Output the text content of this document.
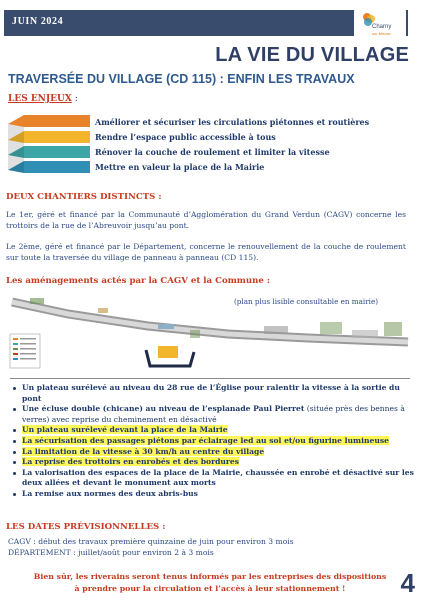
JUIN 2024	Charny
sur Meuse
LA VIE DU VILLAGE
TRAVERSÉE DU VILLAGE (CD 115) : ENFIN LES TRAVAUX
LES ENJEUX :
Améliorer et sécuriser les circulations piétonnes et routières
Rendre l’espace public accessible à tous
Rénover la couche de roulement et limiter la vitesse
Mettre en valeur la place de la Mairie
DEUX CHANTIERS DISTINCTS :
Le 1er, géré et financé par la Communauté d’Agglomération du Grand Verdun (CAGV) concerne les trottoirs de la rue de l’Abreuvoir jusqu’au pont.
Le 2ème, géré et financé par le Département, concerne le renouvellement de la couche de roulement sur toute la traversée du village de panneau à panneau (CD 115).
Les aménagements actés par la CAGV et la Commune :
(plan plus lisible consultable en mairie)
Un plateau surélevé au niveau du 28 rue de l’Église pour ralentir la vitesse à la sortie du pont
Une écluse double (chicane) au niveau de l’esplanade Paul Pierret (située près des bennes à verres) avec reprise du cheminement en désactivé
Un plateau surélevé devant la place de la Mairie
La sécurisation des passages piétons par éclairage led au sol et/ou figurine lumineuse
La limitation de la vitesse à 30 km/h au centre du village
La reprise des trottoirs en enrobés et des bordures
La valorisation des espaces de la place de la Mairie, chaussée en enrobé et désactivé sur les deux allées et devant le monument aux morts
La remise aux normes des deux abris-bus
LES DATES PRÉVISIONNELLES :
CAGV : début des travaux première quinzaine de juin pour environ 3 mois
DÉPARTEMENT : juillet/août pour environ 2 à 3 mois
Bien sûr, les riverains seront tenus informés par les entreprises des dispositions
à prendre pour la circulation et l’accès à leur stationnement !	4
